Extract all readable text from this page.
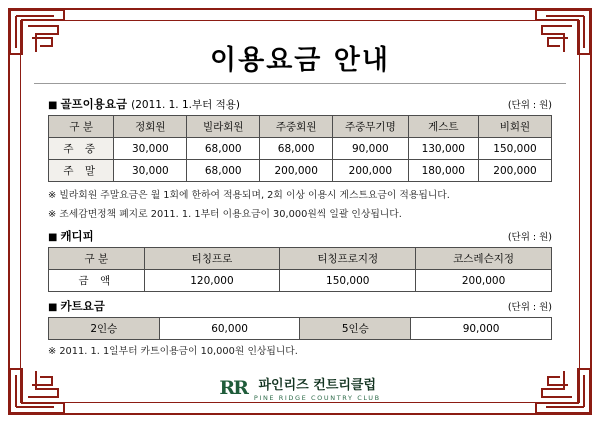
이용요금 안내
■ 골프이용요금 (2011. 1. 1.부터 적용)	(단위 : 원)
구 분	정회원	빌라회원	주중회원	주중무기명	게스트	비회원
주 중	30,000	68,000	68,000	90,000	130,000	150,000
주 말	30,000	68,000	200,000	200,000	180,000	200,000
※ 빌라회원 주말요금은 월 1회에 한하여 적용되며, 2회 이상 이용시 게스트요금이 적용됩니다.
※ 조세감면정책 폐지로 2011. 1. 1부터 이용요금이 30,000원씩 일괄 인상됩니다.
■ 캐디피	(단위 : 원)
구 분	티칭프로	티칭프로지정	코스레슨지정
금 액	120,000	150,000	200,000
■ 카트요금	(단위 : 원)
2인승	60,000	5인승	90,000
※ 2011. 1. 1일부터 카트이용금이 10,000원 인상됩니다.
RR 파인리즈 컨트리클럽
PINE RIDGE COUNTRY CLUB
